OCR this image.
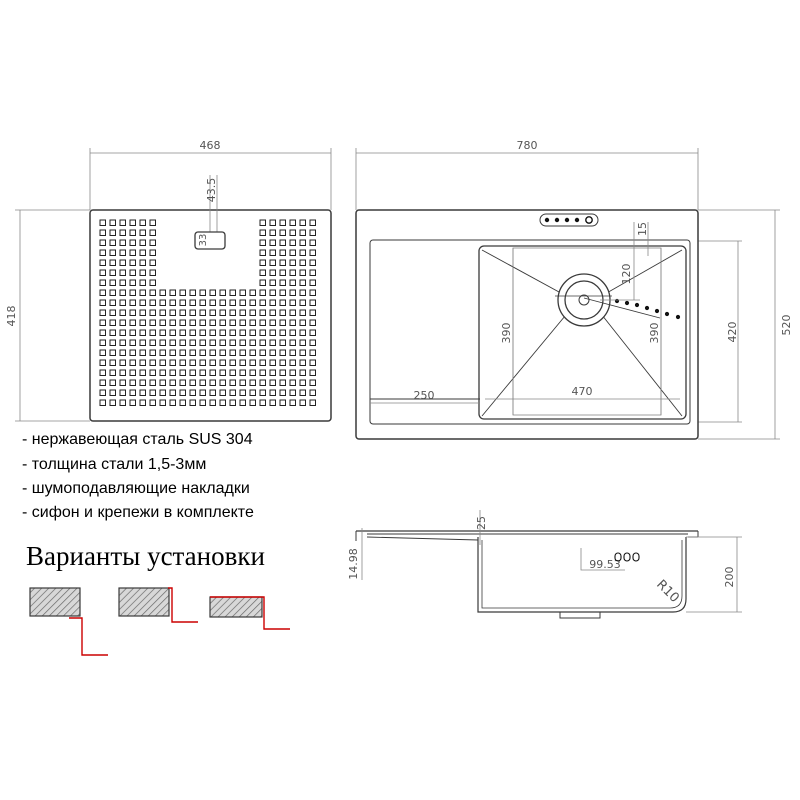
468
418
43.5
33
780
520
420
390	390
120
15
250	470
25
14.98	200
99.53
R10
- нержавеющая сталь SUS 304
- толщина стали 1,5-3мм
- шумоподавляющие накладки
- сифон и крепежи в комплекте
Варианты установки
